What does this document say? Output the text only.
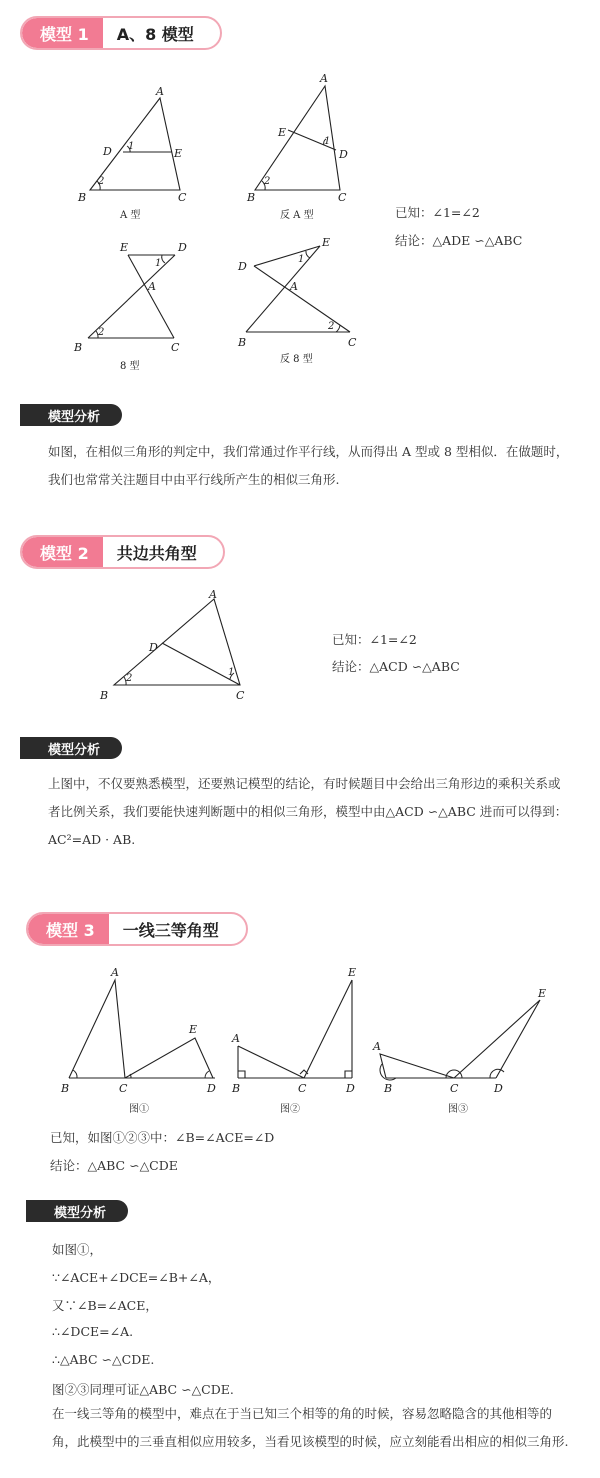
模型 1	A、8 模型
A
D	E
1
2
B	C
A 型
A
E
D
1
2
B	C
反 A 型
E	D
1
A
2
B	C
8 型
E
D
1
A
2
B	C
反 8 型
已知：∠1=∠2
结论：△ADE ∽△ABC
模型分析
如图，在相似三角形的判定中，我们常通过作平行线，从而得出 A 型或 8 型相似．在做题时，我们也常常关注题目中由平行线所产生的相似三角形.
模型 2	共边共角型
A
D
1
2
B	C
已知：∠1=∠2
结论：△ACD ∽△ABC
模型分析
上图中，不仅要熟悉模型，还要熟记模型的结论，有时候题目中会给出三角形边的乘积关系或者比例关系，我们要能快速判断题中的相似三角形，模型中由△ACD ∽△ABC 进而可以得到：AC²=AD · AB.
模型 3	一线三等角型
A
E
B	C	D
图①
A
E
B	C	D
图②
A
E
B	C	D
图③
已知，如图①②③中：∠B=∠ACE=∠D
结论：△ABC ∽△CDE
模型分析
如图①，
∵∠ACE+∠DCE=∠B+∠A，
又∵∠B=∠ACE，
∴∠DCE=∠A.
∴△ABC ∽△CDE.
图②③同理可证△ABC ∽△CDE.
在一线三等角的模型中，难点在于当已知三个相等的角的时候，容易忽略隐含的其他相等的角，此模型中的三垂直相似应用较多，当看见该模型的时候，应立刻能看出相应的相似三角形.
